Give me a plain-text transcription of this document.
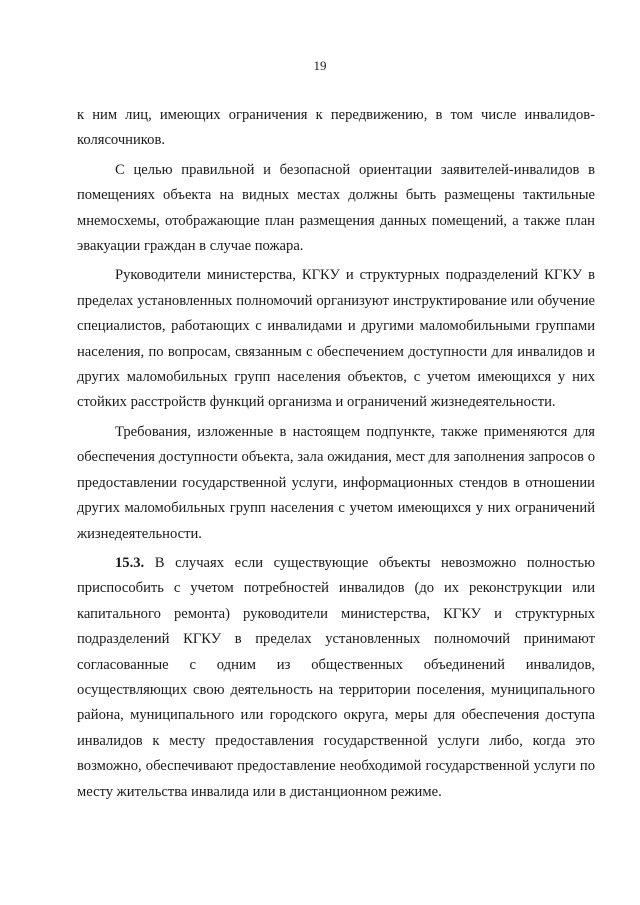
19

к ним лиц, имеющих ограничения к передвижению, в том числе инвалидов-колясочников.

С целью правильной и безопасной ориентации заявителей-инвалидов в помещениях объекта на видных местах должны быть размещены тактильные мнемосхемы, отображающие план размещения данных помещений, а также план эвакуации граждан в случае пожара.

Руководители министерства, КГКУ и структурных подразделений КГКУ в пределах установленных полномочий организуют инструктирование или обучение специалистов, работающих с инвалидами и другими маломобильными группами населения, по вопросам, связанным с обеспечением доступности для инвалидов и других маломобильных групп населения объектов, с учетом имеющихся у них стойких расстройств функций организма и ограничений жизнедеятельности.

Требования, изложенные в настоящем подпункте, также применяются для обеспечения доступности объекта, зала ожидания, мест для заполнения запросов о предоставлении государственной услуги, информационных стендов в отношении других маломобильных групп населения с учетом имеющихся у них ограничений жизнедеятельности.

15.3. В случаях если существующие объекты невозможно полностью приспособить с учетом потребностей инвалидов (до их реконструкции или капитального ремонта) руководители министерства, КГКУ и структурных подразделений КГКУ в пределах установленных полномочий принимают согласованные с одним из общественных объединений инвалидов, осуществляющих свою деятельность на территории поселения, муниципального района, муниципального или городского округа, меры для обеспечения доступа инвалидов к месту предоставления государственной услуги либо, когда это возможно, обеспечивают предоставление необходимой государственной услуги по месту жительства инвалида или в дистанционном режиме.
